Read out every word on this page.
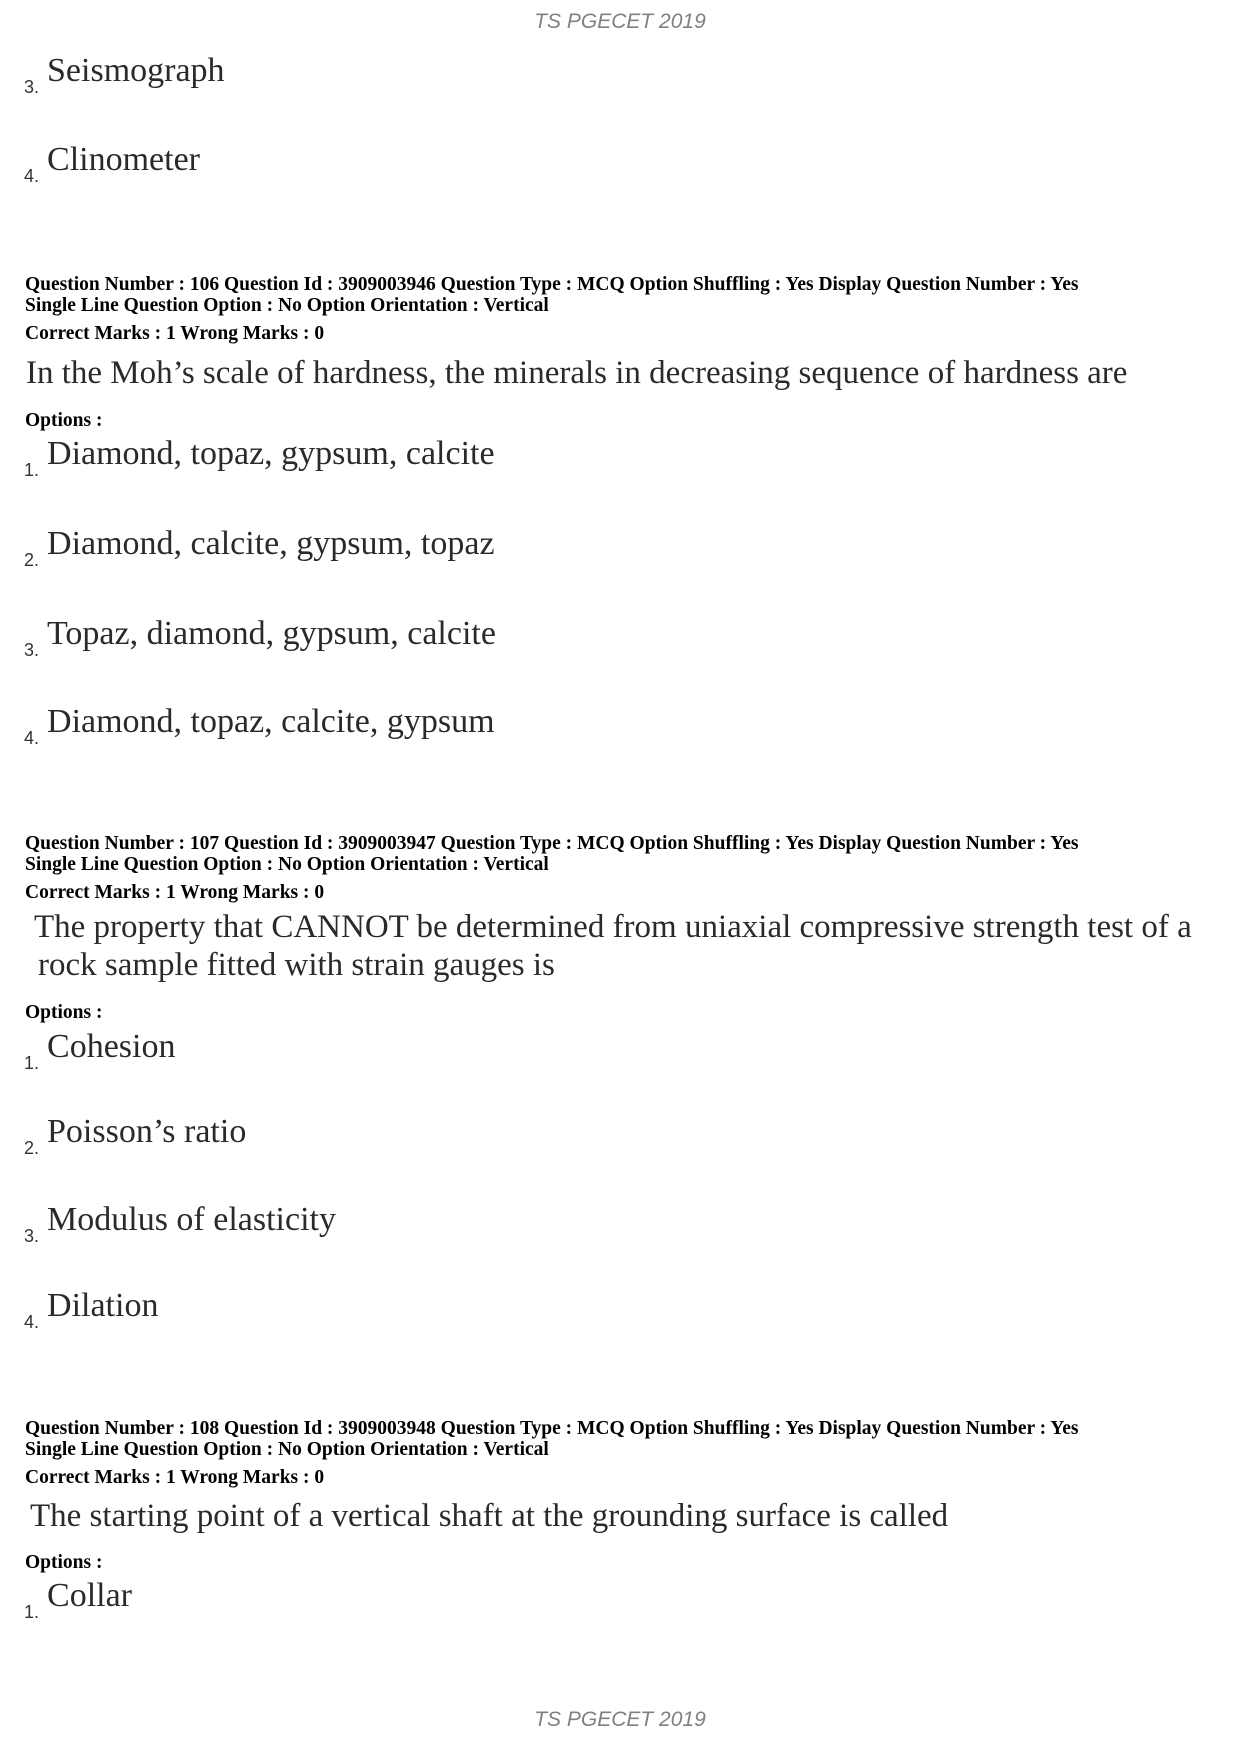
TS PGECET 2019
3. Seismograph
4. Clinometer
Question Number : 106 Question Id : 3909003946 Question Type : MCQ Option Shuffling : Yes Display Question Number : Yes
Single Line Question Option : No Option Orientation : Vertical
Correct Marks : 1 Wrong Marks : 0
In the Moh’s scale of hardness, the minerals in decreasing sequence of hardness are
Options :
1. Diamond, topaz, gypsum, calcite
2. Diamond, calcite, gypsum, topaz
3. Topaz, diamond, gypsum, calcite
4. Diamond, topaz, calcite, gypsum
Question Number : 107 Question Id : 3909003947 Question Type : MCQ Option Shuffling : Yes Display Question Number : Yes
Single Line Question Option : No Option Orientation : Vertical
Correct Marks : 1 Wrong Marks : 0
The property that CANNOT be determined from uniaxial compressive strength test of a
rock sample fitted with strain gauges is
Options :
1. Cohesion
2. Poisson’s ratio
3. Modulus of elasticity
4. Dilation
Question Number : 108 Question Id : 3909003948 Question Type : MCQ Option Shuffling : Yes Display Question Number : Yes
Single Line Question Option : No Option Orientation : Vertical
Correct Marks : 1 Wrong Marks : 0
The starting point of a vertical shaft at the grounding surface is called
Options :
1. Collar
TS PGECET 2019
